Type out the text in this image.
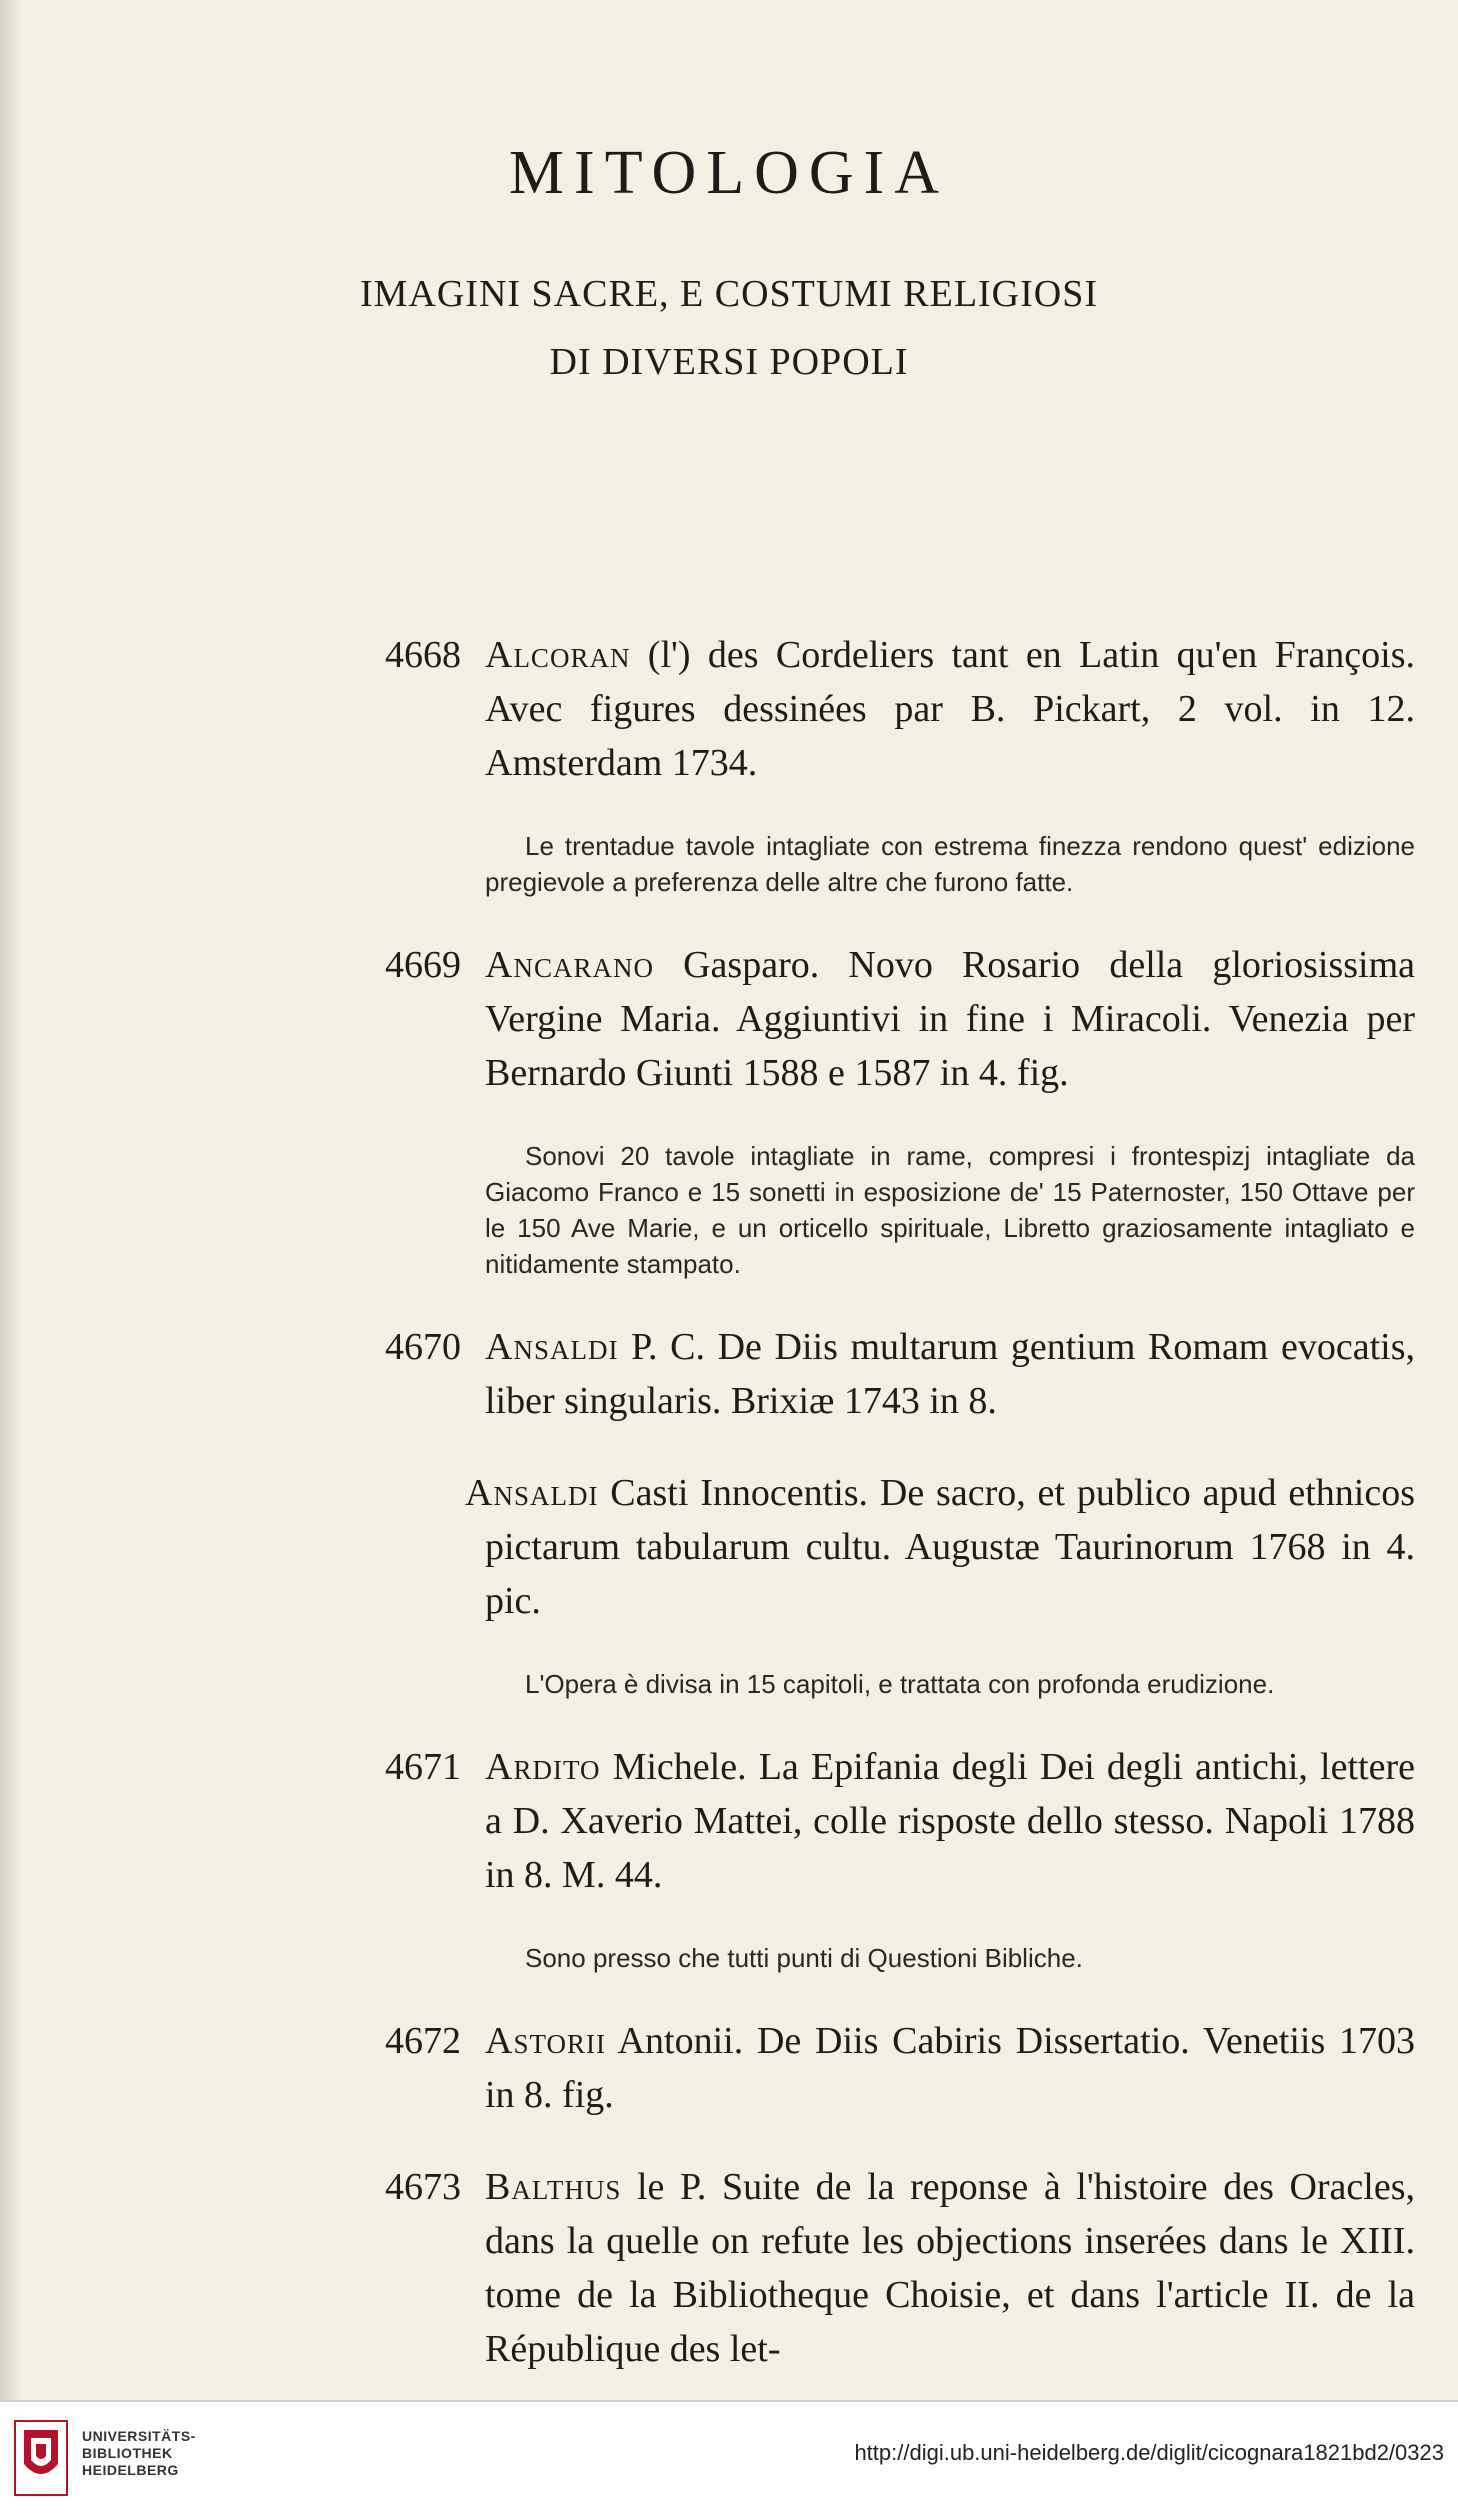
MITOLOGIA
IMAGINI SACRE, E COSTUMI RELIGIOSI
DI DIVERSI POPOLI

4668 Alcoran (l') des Cordeliers tant en Latin qu'en François. Avec figures dessinées par B. Pickart, 2 vol. in 12. Amsterdam 1734.

Le trentadue tavole intagliate con estrema finezza rendono quest' edizione pregievole a preferenza delle altre che furono fatte.

4669 Ancarano Gasparo. Novo Rosario della gloriosissima Vergine Maria. Aggiuntivi in fine i Miracoli. Venezia per Bernardo Giunti 1588 e 1587 in 4. fig.

Sonovi 20 tavole intagliate in rame, compresi i frontespizj intagliate da Giacomo Franco e 15 sonetti in esposizione de' 15 Paternoster, 150 Ottave per le 150 Ave Marie, e un orticello spirituale, Libretto graziosamente intagliato e nitidamente stampato.

4670 Ansaldi P. C. De Diis multarum gentium Romam evocatis, liber singularis. Brixiæ 1743 in 8.

Ansaldi Casti Innocentis. De sacro, et publico apud ethnicos pictarum tabularum cultu. Augustæ Taurinorum 1768 in 4. pic.

L'Opera è divisa in 15 capitoli, e trattata con profonda erudizione.

4671 Ardito Michele. La Epifania degli Dei degli antichi, lettere a D. Xaverio Mattei, colle risposte dello stesso. Napoli 1788 in 8. M. 44.

Sono presso che tutti punti di Questioni Bibliche.

4672 Astorii Antonii. De Diis Cabiris Dissertatio. Venetiis 1703 in 8. fig.

4673 Balthus le P. Suite de la reponse à l'histoire des Oracles, dans la quelle on refute les objections inserées dans le XIII. tome de la Bibliotheque Choisie, et dans l'article II. de la République des let-

UNIVERSITÄTS-
BIBLIOTHEK
HEIDELBERG
http://digi.ub.uni-heidelberg.de/diglit/cicognara1821bd2/0323
